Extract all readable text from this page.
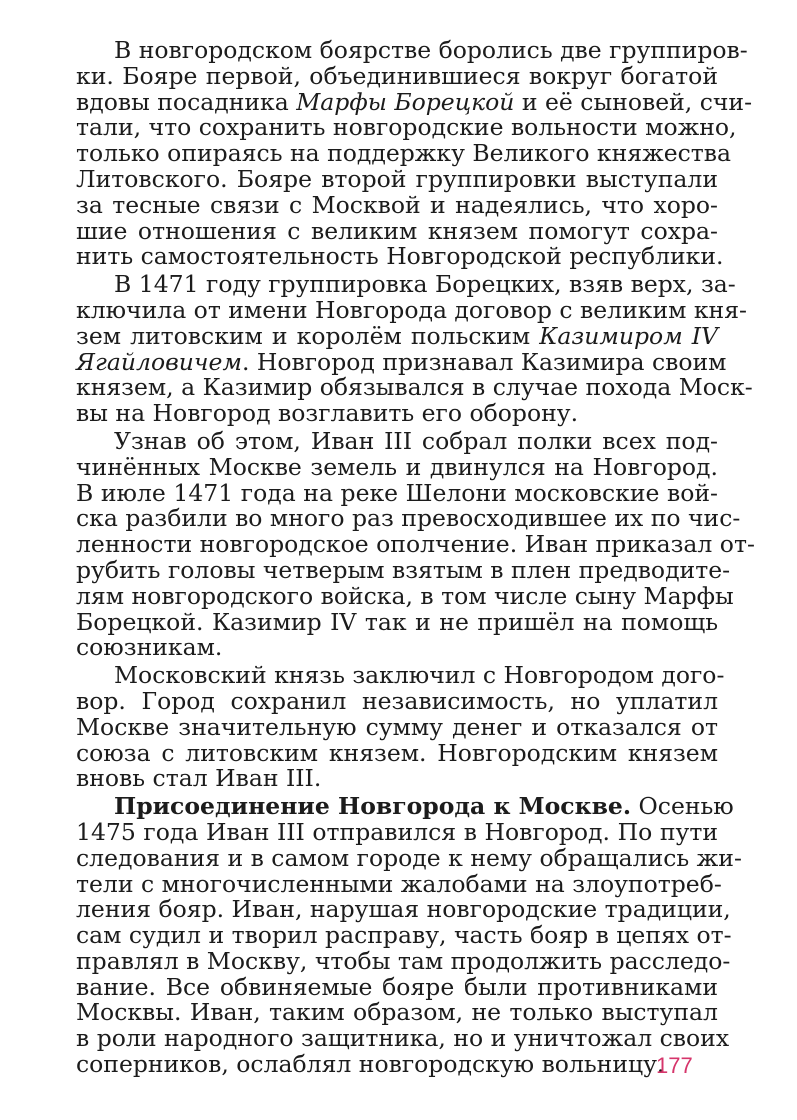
В новгородском боярстве боролись две группиров-
ки. Бояре первой, объединившиеся вокруг богатой
вдовы посадника Марфы Борецкой и её сыновей, счи-
тали, что сохранить новгородские вольности можно,
только опираясь на поддержку Великого княжества
Литовского. Бояре второй группировки выступали
за тесные связи с Москвой и надеялись, что хоро-
шие отношения с великим князем помогут сохра-
нить самостоятельность Новгородской республики.
В 1471 году группировка Борецких, взяв верх, за-
ключила от имени Новгорода договор с великим кня-
зем литовским и королём польским Казимиром IV
Ягайловичем. Новгород признавал Казимира своим
князем, а Казимир обязывался в случае похода Моск-
вы на Новгород возглавить его оборону.
Узнав об этом, Иван III собрал полки всех под-
чинённых Москве земель и двинулся на Новгород.
В июле 1471 года на реке Шелони московские вой-
ска разбили во много раз превосходившее их по чис-
ленности новгородское ополчение. Иван приказал от-
рубить головы четверым взятым в плен предводите-
лям новгородского войска, в том числе сыну Марфы
Борецкой. Казимир IV так и не пришёл на помощь
союзникам.
Московский князь заключил с Новгородом дого-
вор. Город сохранил независимость, но уплатил
Москве значительную сумму денег и отказался от
союза с литовским князем. Новгородским князем
вновь стал Иван III.
Присоединение Новгорода к Москве. Осенью
1475 года Иван III отправился в Новгород. По пути
следования и в самом городе к нему обращались жи-
тели с многочисленными жалобами на злоупотреб-
ления бояр. Иван, нарушая новгородские традиции,
сам судил и творил расправу, часть бояр в цепях от-
правлял в Москву, чтобы там продолжить расследо-
вание. Все обвиняемые бояре были противниками
Москвы. Иван, таким образом, не только выступал
в роли народного защитника, но и уничтожал своих
соперников, ослаблял новгородскую вольницу.
177
